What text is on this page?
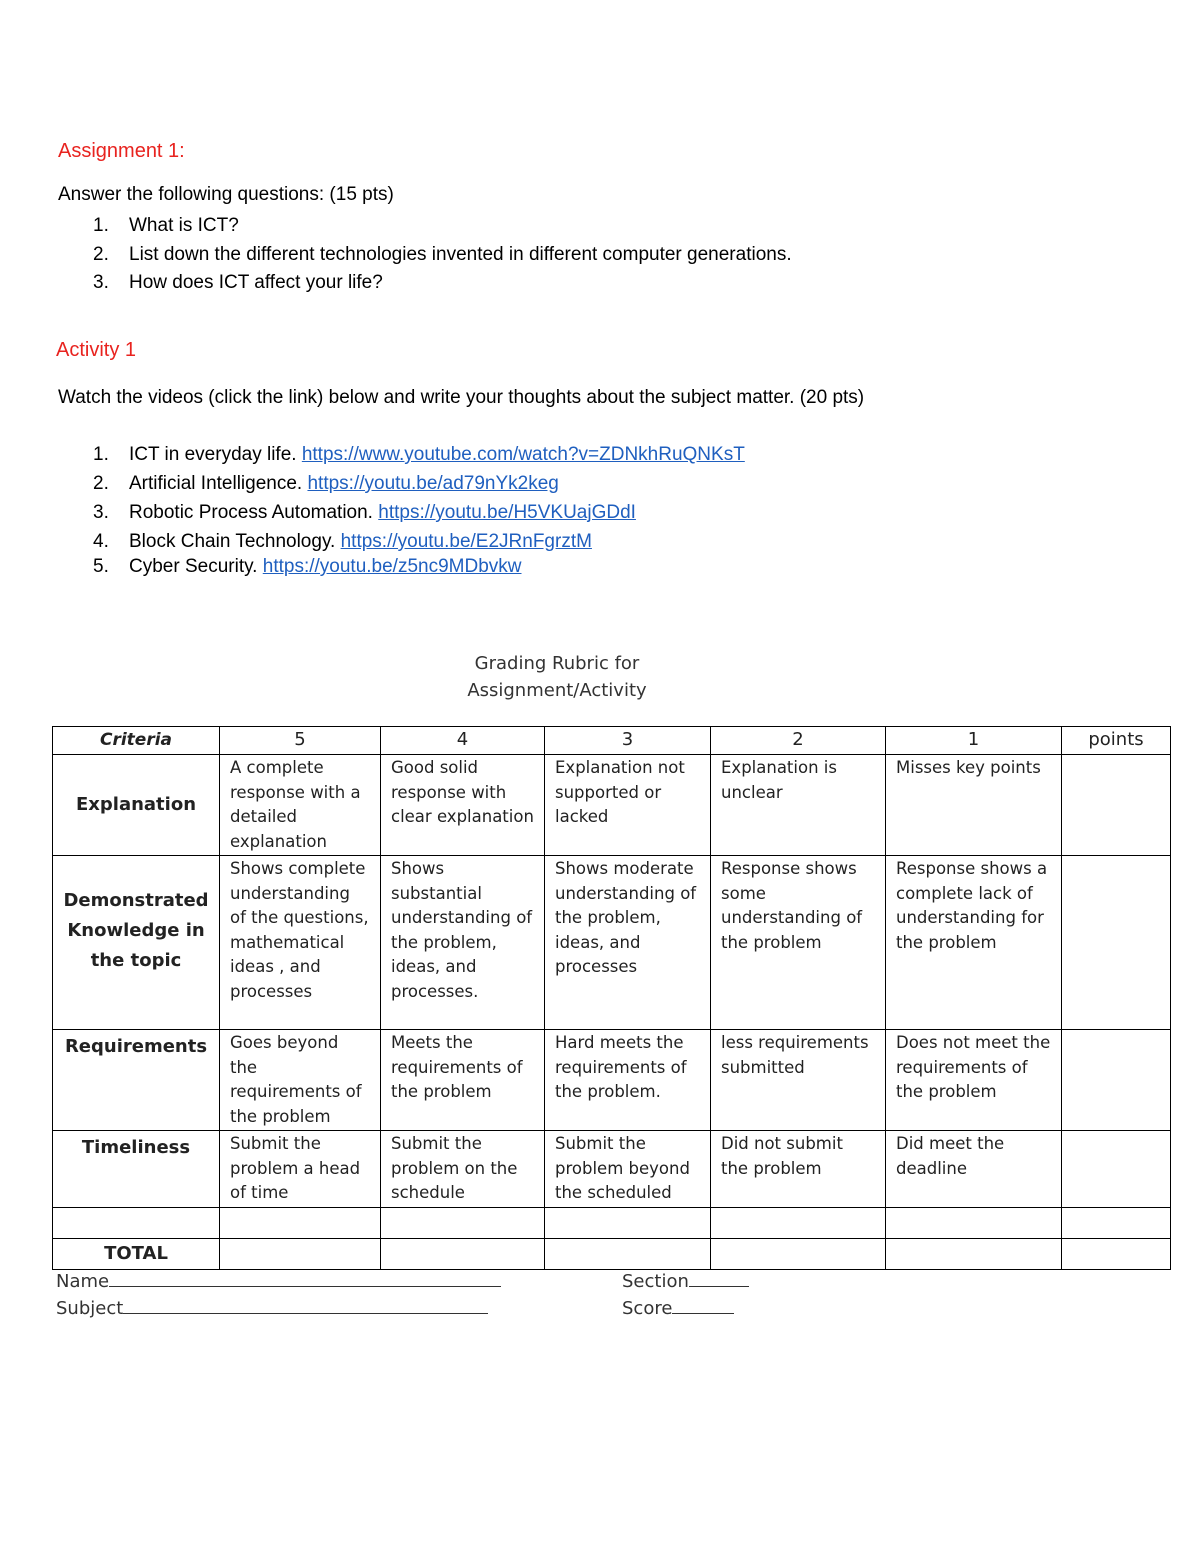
Assignment 1:
Answer the following questions: (15 pts)
1. What is ICT?
2. List down the different technologies invented in different computer generations.
3. How does ICT affect your life?
Activity 1
Watch the videos (click the link) below and write your thoughts about the subject matter. (20 pts)
1. ICT in everyday life. https://www.youtube.com/watch?v=ZDNkhRuQNKsT
2. Artificial Intelligence. https://youtu.be/ad79nYk2keg
3. Robotic Process Automation. https://youtu.be/H5VKUajGDdI
4. Block Chain Technology. https://youtu.be/E2JRnFgrztM
5. Cyber Security. https://youtu.be/z5nc9MDbvkw
Grading Rubric for
Assignment/Activity
Criteria	5	4	3	2	1	points
Explanation	A complete response with a detailed explanation	Good solid response with clear explanation	Explanation not supported or lacked	Explanation is unclear	Misses key points	
Demonstrated Knowledge in the topic	Shows complete understanding of the questions, mathematical ideas , and processes	Shows substantial understanding of the problem, ideas, and processes.	Shows moderate understanding of the problem, ideas, and processes	Response shows some understanding of the problem	Response shows a complete lack of understanding for the problem	
Requirements	Goes beyond the requirements of the problem	Meets the requirements of the problem	Hard meets the requirements of the problem.	less requirements submitted	Does not meet the requirements of the problem	
Timeliness	Submit the problem a head of time	Submit the problem on the schedule	Submit the problem beyond the scheduled	Did not submit the problem	Did meet the deadline	

TOTAL						
Name
Subject
Section
Score
